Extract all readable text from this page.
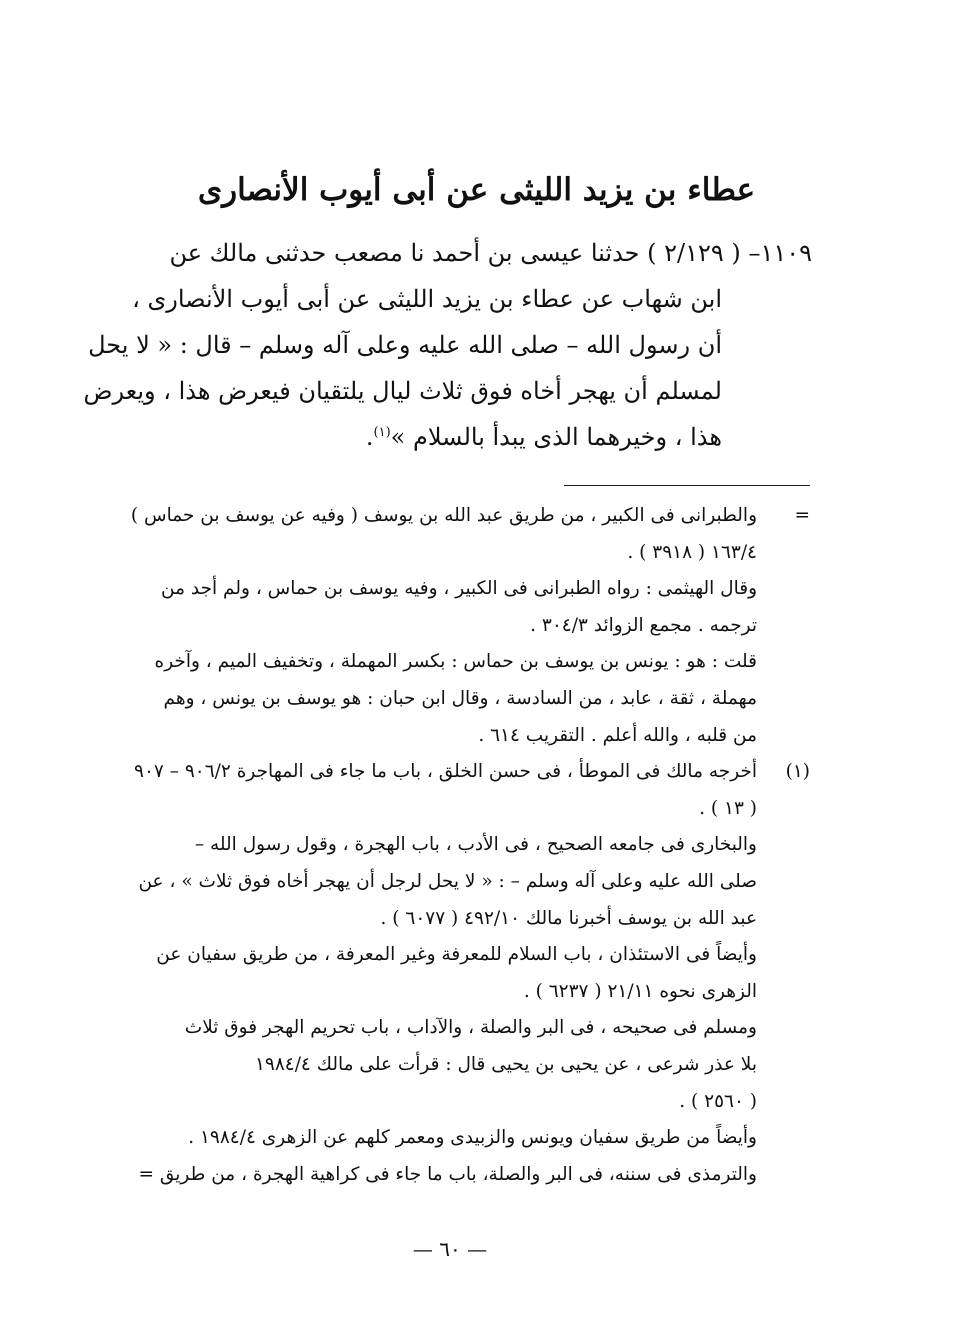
عطاء بن يزيد الليثى عن أبى أيوب الأنصارى
١١٠٩– ( ٢/١٢٩ ) حدثنا عيسى بن أحمد نا مصعب حدثنى مالك عن
ابن شهاب عن عطاء بن يزيد الليثى عن أبى أيوب الأنصارى ،
أن رسول الله – صلى الله عليه وعلى آله وسلم – قال : « لا يحل
لمسلم أن يهجر أخاه فوق ثلاث ليال يلتقيان فيعرض هذا ، ويعرض
هذا ، وخيرهما الذى يبدأ بالسلام »$^{(١)}$.
=
والطبرانى فى الكبير ، من طريق عبد الله بن يوسف ( وفيه عن يوسف بن حماس )
١٦٣/٤ ( ٣٩١٨ ) .
وقال الهيثمى : رواه الطبرانى فى الكبير ، وفيه يوسف بن حماس ، ولم أجد من
ترجمه . مجمع الزوائد ٣٠٤/٣ .
قلت : هو : يونس بن يوسف بن حماس : بكسر المهملة ، وتخفيف الميم ، وآخره
مهملة ، ثقة ، عابد ، من السادسة ، وقال ابن حبان : هو يوسف بن يونس ، وهم
من قلبه ، والله أعلم . التقريب ٦١٤ .
(١)
أخرجه مالك فى الموطأ ، فى حسن الخلق ، باب ما جاء فى المهاجرة ٩٠٦/٢ – ٩٠٧
( ١٣ ) .
والبخارى فى جامعه الصحيح ، فى الأدب ، باب الهجرة ، وقول رسول الله –
صلى الله عليه وعلى آله وسلم – : « لا يحل لرجل أن يهجر أخاه فوق ثلاث » ، عن
عبد الله بن يوسف أخبرنا مالك ٤٩٢/١٠ ( ٦٠٧٧ ) .
وأيضاً فى الاستئذان ، باب السلام للمعرفة وغير المعرفة ، من طريق سفيان عن
الزهرى نحوه ٢١/١١ ( ٦٢٣٧ ) .
ومسلم فى صحيحه ، فى البر والصلة ، والآداب ، باب تحريم الهجر فوق ثلاث
بلا عذر شرعى ، عن يحيى بن يحيى قال : قرأت على مالك ١٩٨٤/٤
( ٢٥٦٠ ) .
وأيضاً من طريق سفيان ويونس والزبيدى ومعمر كلهم عن الزهرى ١٩٨٤/٤ .
والترمذى فى سننه، فى البر والصلة، باب ما جاء فى كراهية الهجرة ، من طريق =
— ٦٠ —
